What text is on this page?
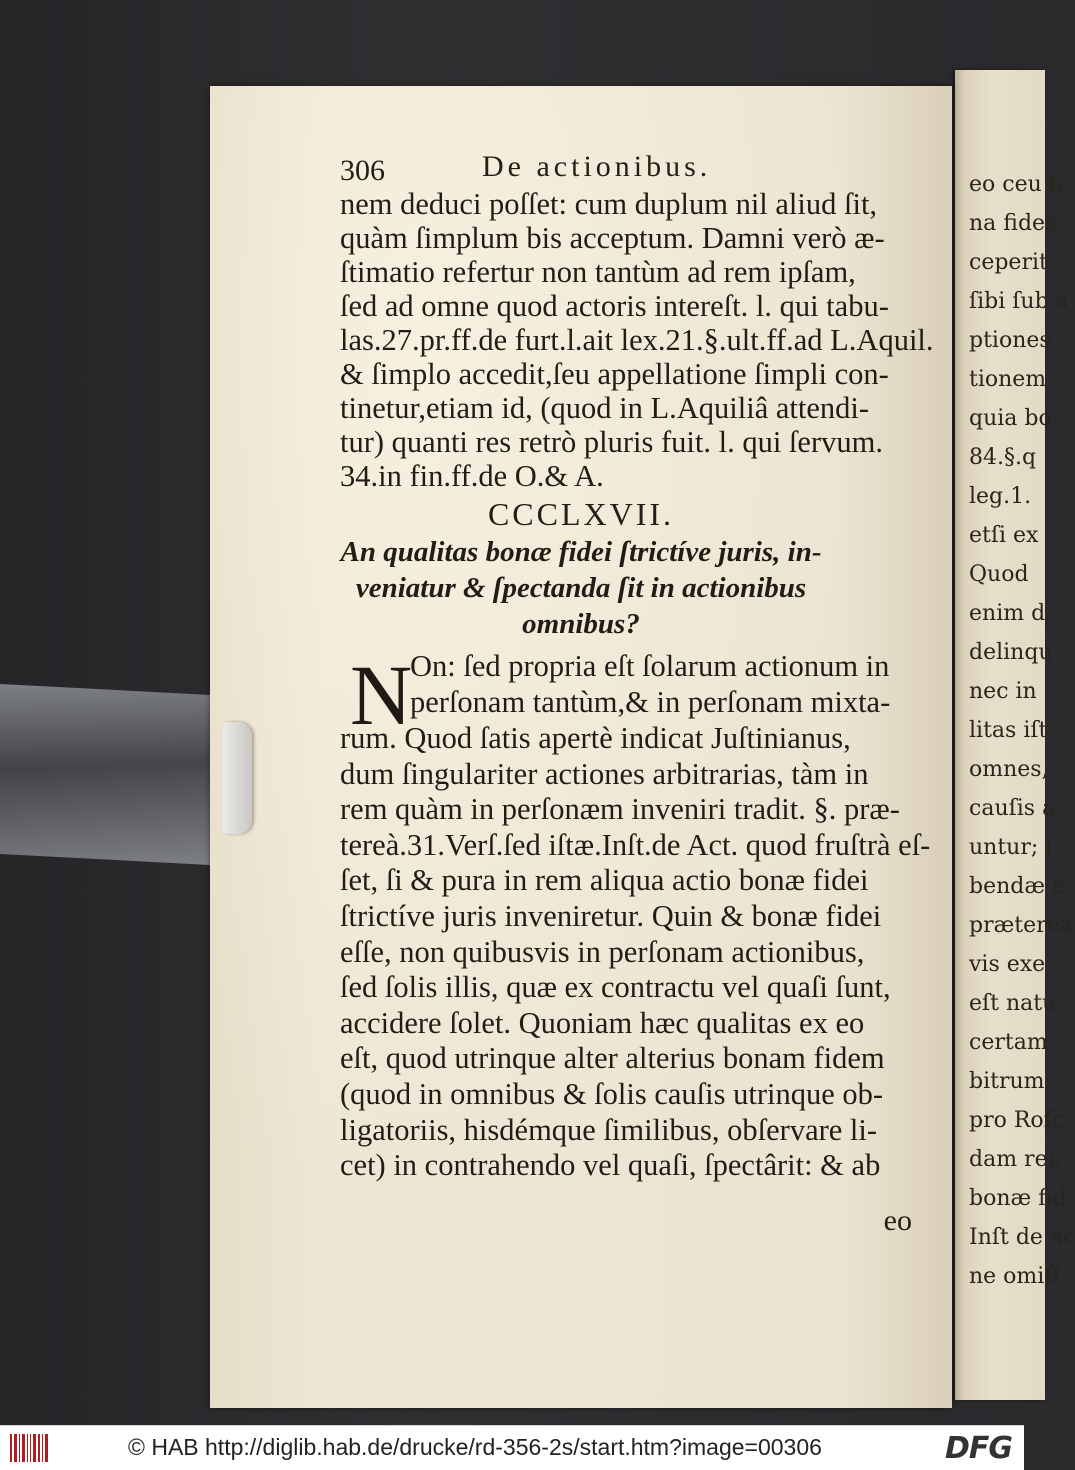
eo ceu b
na fides
ceperit.
ſibi ſub a
ptiones
tionem
quia bo
84.§.q
leg.1.
etſi ex
Quod
enim d
delinqu
nec in
litas iſt
omnes,
cauſis a
untur; i
bendæ e
præterea
vis exe
eſt natu
certam
bitrum
pro Roſc.
dam rei,
bonæ fid
Inſt de ac
ne omiſſ
306	De actionibus.
nem deduci poſſet: cum duplum nil aliud ſit,
quàm ſimplum bis acceptum. Damni verò æ-
ſtimatio refertur non tantùm ad rem ipſam,
ſed ad omne quod actoris intereſt. l. qui tabu-
las.27.pr.ff.de furt.l.ait lex.21.§.ult.ff.ad L.Aquil.
& ſimplo accedit,ſeu appellatione ſimpli con-
tinetur,etiam id, (quod in L.Aquiliâ attendi-
tur) quanti res retrò pluris fuit. l. qui ſervum.
34.in fin.ff.de O.& A.
CCCLXVII.
An qualitas bonæ fidei ſtrictíve juris, in-
veniatur & ſpectanda ſit in actionibus
omnibus?
N
On: ſed propria eſt ſolarum actionum in
perſonam tantùm,& in perſonam mixta-
rum. Quod ſatis apertè indicat Juſtinianus,
dum ſingulariter actiones arbitrarias, tàm in
rem quàm in perſonæm inveniri tradit. §. præ-
tereà.31.Verſ.ſed iſtæ.Inſt.de Act. quod fruſtrà eſ-
ſet, ſi & pura in rem aliqua actio bonæ fidei
ſtrictíve juris inveniretur. Quin & bonæ fidei
eſſe, non quibusvis in perſonam actionibus,
ſed ſolis illis, quæ ex contractu vel quaſi ſunt,
accidere ſolet. Quoniam hæc qualitas ex eo
eſt, quod utrinque alter alterius bonam fidem
(quod in omnibus & ſolis cauſis utrinque ob-
ligatoriis, hisdémque ſimilibus, obſervare li-
cet) in contrahendo vel quaſi, ſpectârit: & ab
eo
© HAB http://diglib.hab.de/drucke/rd-356-2s/start.htm?image=00306	DFG
